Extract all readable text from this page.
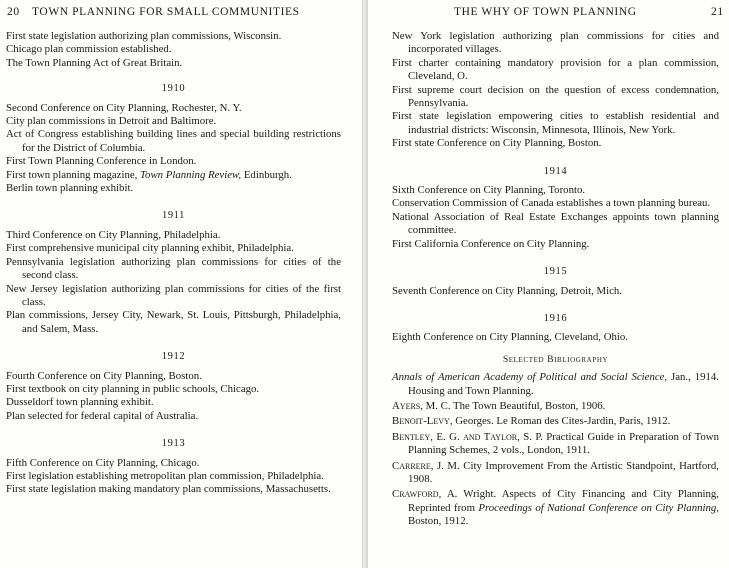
20 TOWN PLANNING FOR SMALL COMMUNITIES

First state legislation authorizing plan commissions, Wisconsin.

Chicago plan commission established.

The Town Planning Act of Great Britain.

1910

Second Conference on City Planning, Rochester, N. Y.

City plan commissions in Detroit and Baltimore.

Act of Congress establishing building lines and special building restrictions for the District of Columbia.

First Town Planning Conference in London.

First town planning magazine, Town Planning Review, Edinburgh.

Berlin town planning exhibit.

1911

Third Conference on City Planning, Philadelphia.

First comprehensive municipal city planning exhibit, Philadelphia.

Pennsylvania legislation authorizing plan commissions for cities of the second class.

New Jersey legislation authorizing plan commissions for cities of the first class.

Plan commissions, Jersey City, Newark, St. Louis, Pittsburgh, Philadelphia, and Salem, Mass.

1912

Fourth Conference on City Planning, Boston.

First textbook on city planning in public schools, Chicago.

Dusseldorf town planning exhibit.

Plan selected for federal capital of Australia.

1913

Fifth Conference on City Planning, Chicago.

First legislation establishing metropolitan plan commission, Philadelphia.

First state legislation making mandatory plan commissions, Massachusetts.

THE WHY OF TOWN PLANNING	21

New York legislation authorizing plan commissions for cities and incorporated villages.

First charter containing mandatory provision for a plan commission, Cleveland, O.

First supreme court decision on the question of excess condemnation, Pennsylvania.

First state legislation empowering cities to establish residential and industrial districts: Wisconsin, Minnesota, Illinois, New York.

First state Conference on City Planning, Boston.

1914

Sixth Conference on City Planning, Toronto.

Conservation Commission of Canada establishes a town planning bureau.

National Association of Real Estate Exchanges appoints town planning committee.

First California Conference on City Planning.

1915

Seventh Conference on City Planning, Detroit, Mich.

1916

Eighth Conference on City Planning, Cleveland, Ohio.

Selected Bibliography

Annals of American Academy of Political and Social Science, Jan., 1914. Housing and Town Planning.

Ayers, M. C. The Town Beautiful, Boston, 1906.

Benoit-Levy, Georges. Le Roman des Cites-Jardin, Paris, 1912.

Bentley, E. G. and Taylor, S. P. Practical Guide in Preparation of Town Planning Schemes, 2 vols., London, 1911.

Carrere, J. M. City Improvement From the Artistic Standpoint, Hartford, 1908.

Crawford, A. Wright. Aspects of City Financing and City Planning, Reprinted from Proceedings of National Conference on City Planning, Boston, 1912.
